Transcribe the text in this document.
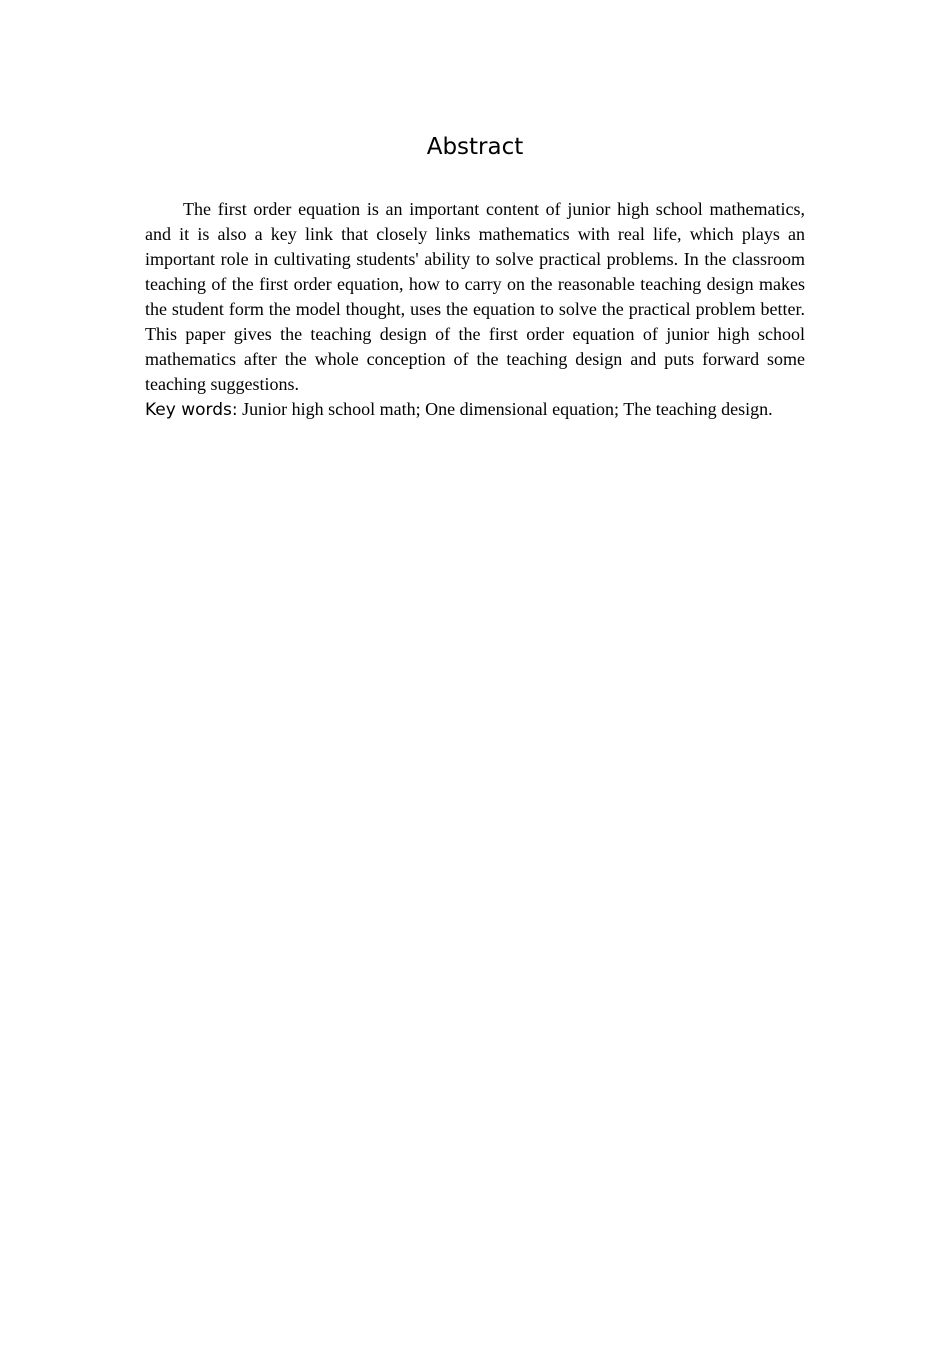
Abstract

The first order equation is an important content of junior high school mathematics, and it is also a key link that closely links mathematics with real life, which plays an important role in cultivating students' ability to solve practical problems. In the classroom teaching of the first order equation, how to carry on the reasonable teaching design makes the student form the model thought, uses the equation to solve the practical problem better. This paper gives the teaching design of the first order equation of junior high school mathematics after the whole conception of the teaching design and puts forward some teaching suggestions.

Key words: Junior high school math; One dimensional equation; The teaching design.
